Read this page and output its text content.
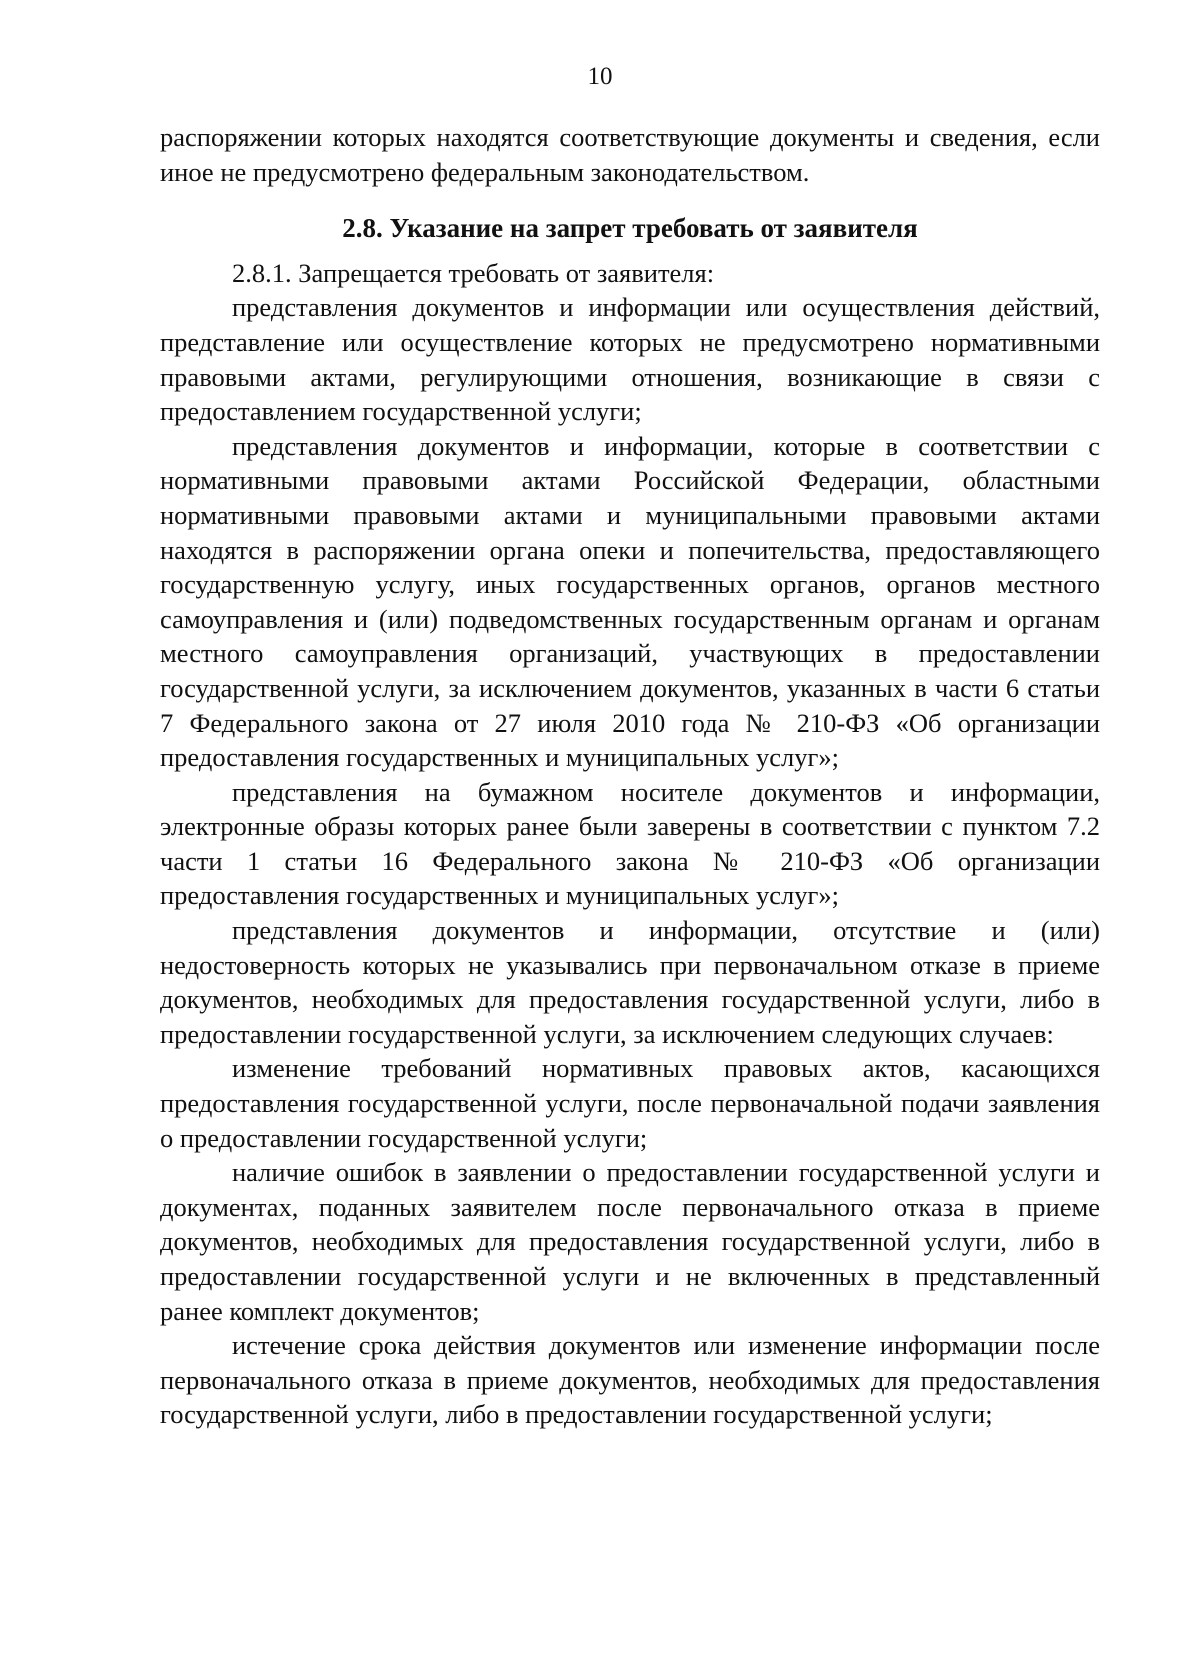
10

распоряжении которых находятся соответствующие документы и сведения, если иное не предусмотрено федеральным законодательством.

2.8. Указание на запрет требовать от заявителя

2.8.1. Запрещается требовать от заявителя:

представления документов и информации или осуществления действий, представление или осуществление которых не предусмотрено нормативными правовыми актами, регулирующими отношения, возникающие в связи с предоставлением государственной услуги;

представления документов и информации, которые в соответствии с нормативными правовыми актами Российской Федерации, областными нормативными правовыми актами и муниципальными правовыми актами находятся в распоряжении органа опеки и попечительства, предоставляющего государственную услугу, иных государственных органов, органов местного самоуправления и (или) подведомственных государственным органам и органам местного самоуправления организаций, участвующих в предоставлении государственной услуги, за исключением документов, указанных в части 6 статьи 7 Федерального закона от 27 июля 2010 года № 210-ФЗ «Об организации предоставления государственных и муниципальных услуг»;

представления на бумажном носителе документов и информации, электронные образы которых ранее были заверены в соответствии с пунктом 7.2 части 1 статьи 16 Федерального закона № 210-ФЗ «Об организации предоставления государственных и муниципальных услуг»;

представления документов и информации, отсутствие и (или) недостоверность которых не указывались при первоначальном отказе в приеме документов, необходимых для предоставления государственной услуги, либо в предоставлении государственной услуги, за исключением следующих случаев:

изменение требований нормативных правовых актов, касающихся предоставления государственной услуги, после первоначальной подачи заявления о предоставлении государственной услуги;

наличие ошибок в заявлении о предоставлении государственной услуги и документах, поданных заявителем после первоначального отказа в приеме документов, необходимых для предоставления государственной услуги, либо в предоставлении государственной услуги и не включенных в представленный ранее комплект документов;

истечение срока действия документов или изменение информации после первоначального отказа в приеме документов, необходимых для предоставления государственной услуги, либо в предоставлении государственной услуги;
